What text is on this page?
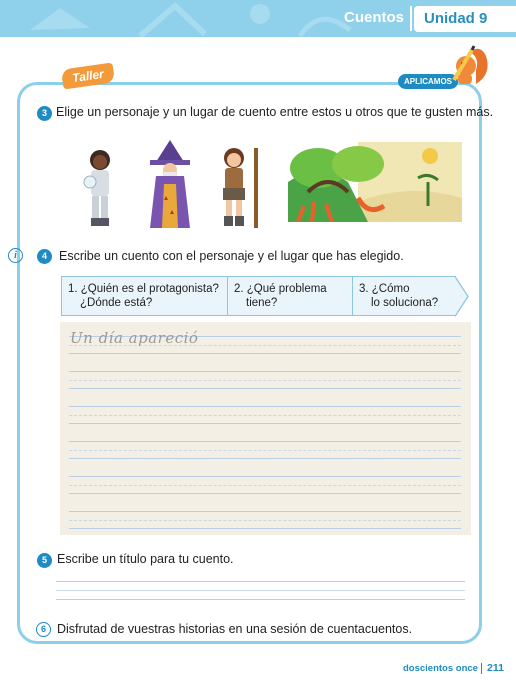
Cuentos Unidad 9
Taller	APLICAMOS
3 Elige un personaje y un lugar de cuento entre estos u otros que te gusten más.
i	4 Escribe un cuento con el personaje y el lugar que has elegido.
1. ¿Quién es el protagonista?
¿Dónde está?
2. ¿Qué problema
tiene?
3. ¿Cómo
lo soluciona?
Un día apareció
5 Escribe un título para tu cuento.
6 Disfrutad de vuestras historias en una sesión de cuentacuentos.
doscientos once 211
